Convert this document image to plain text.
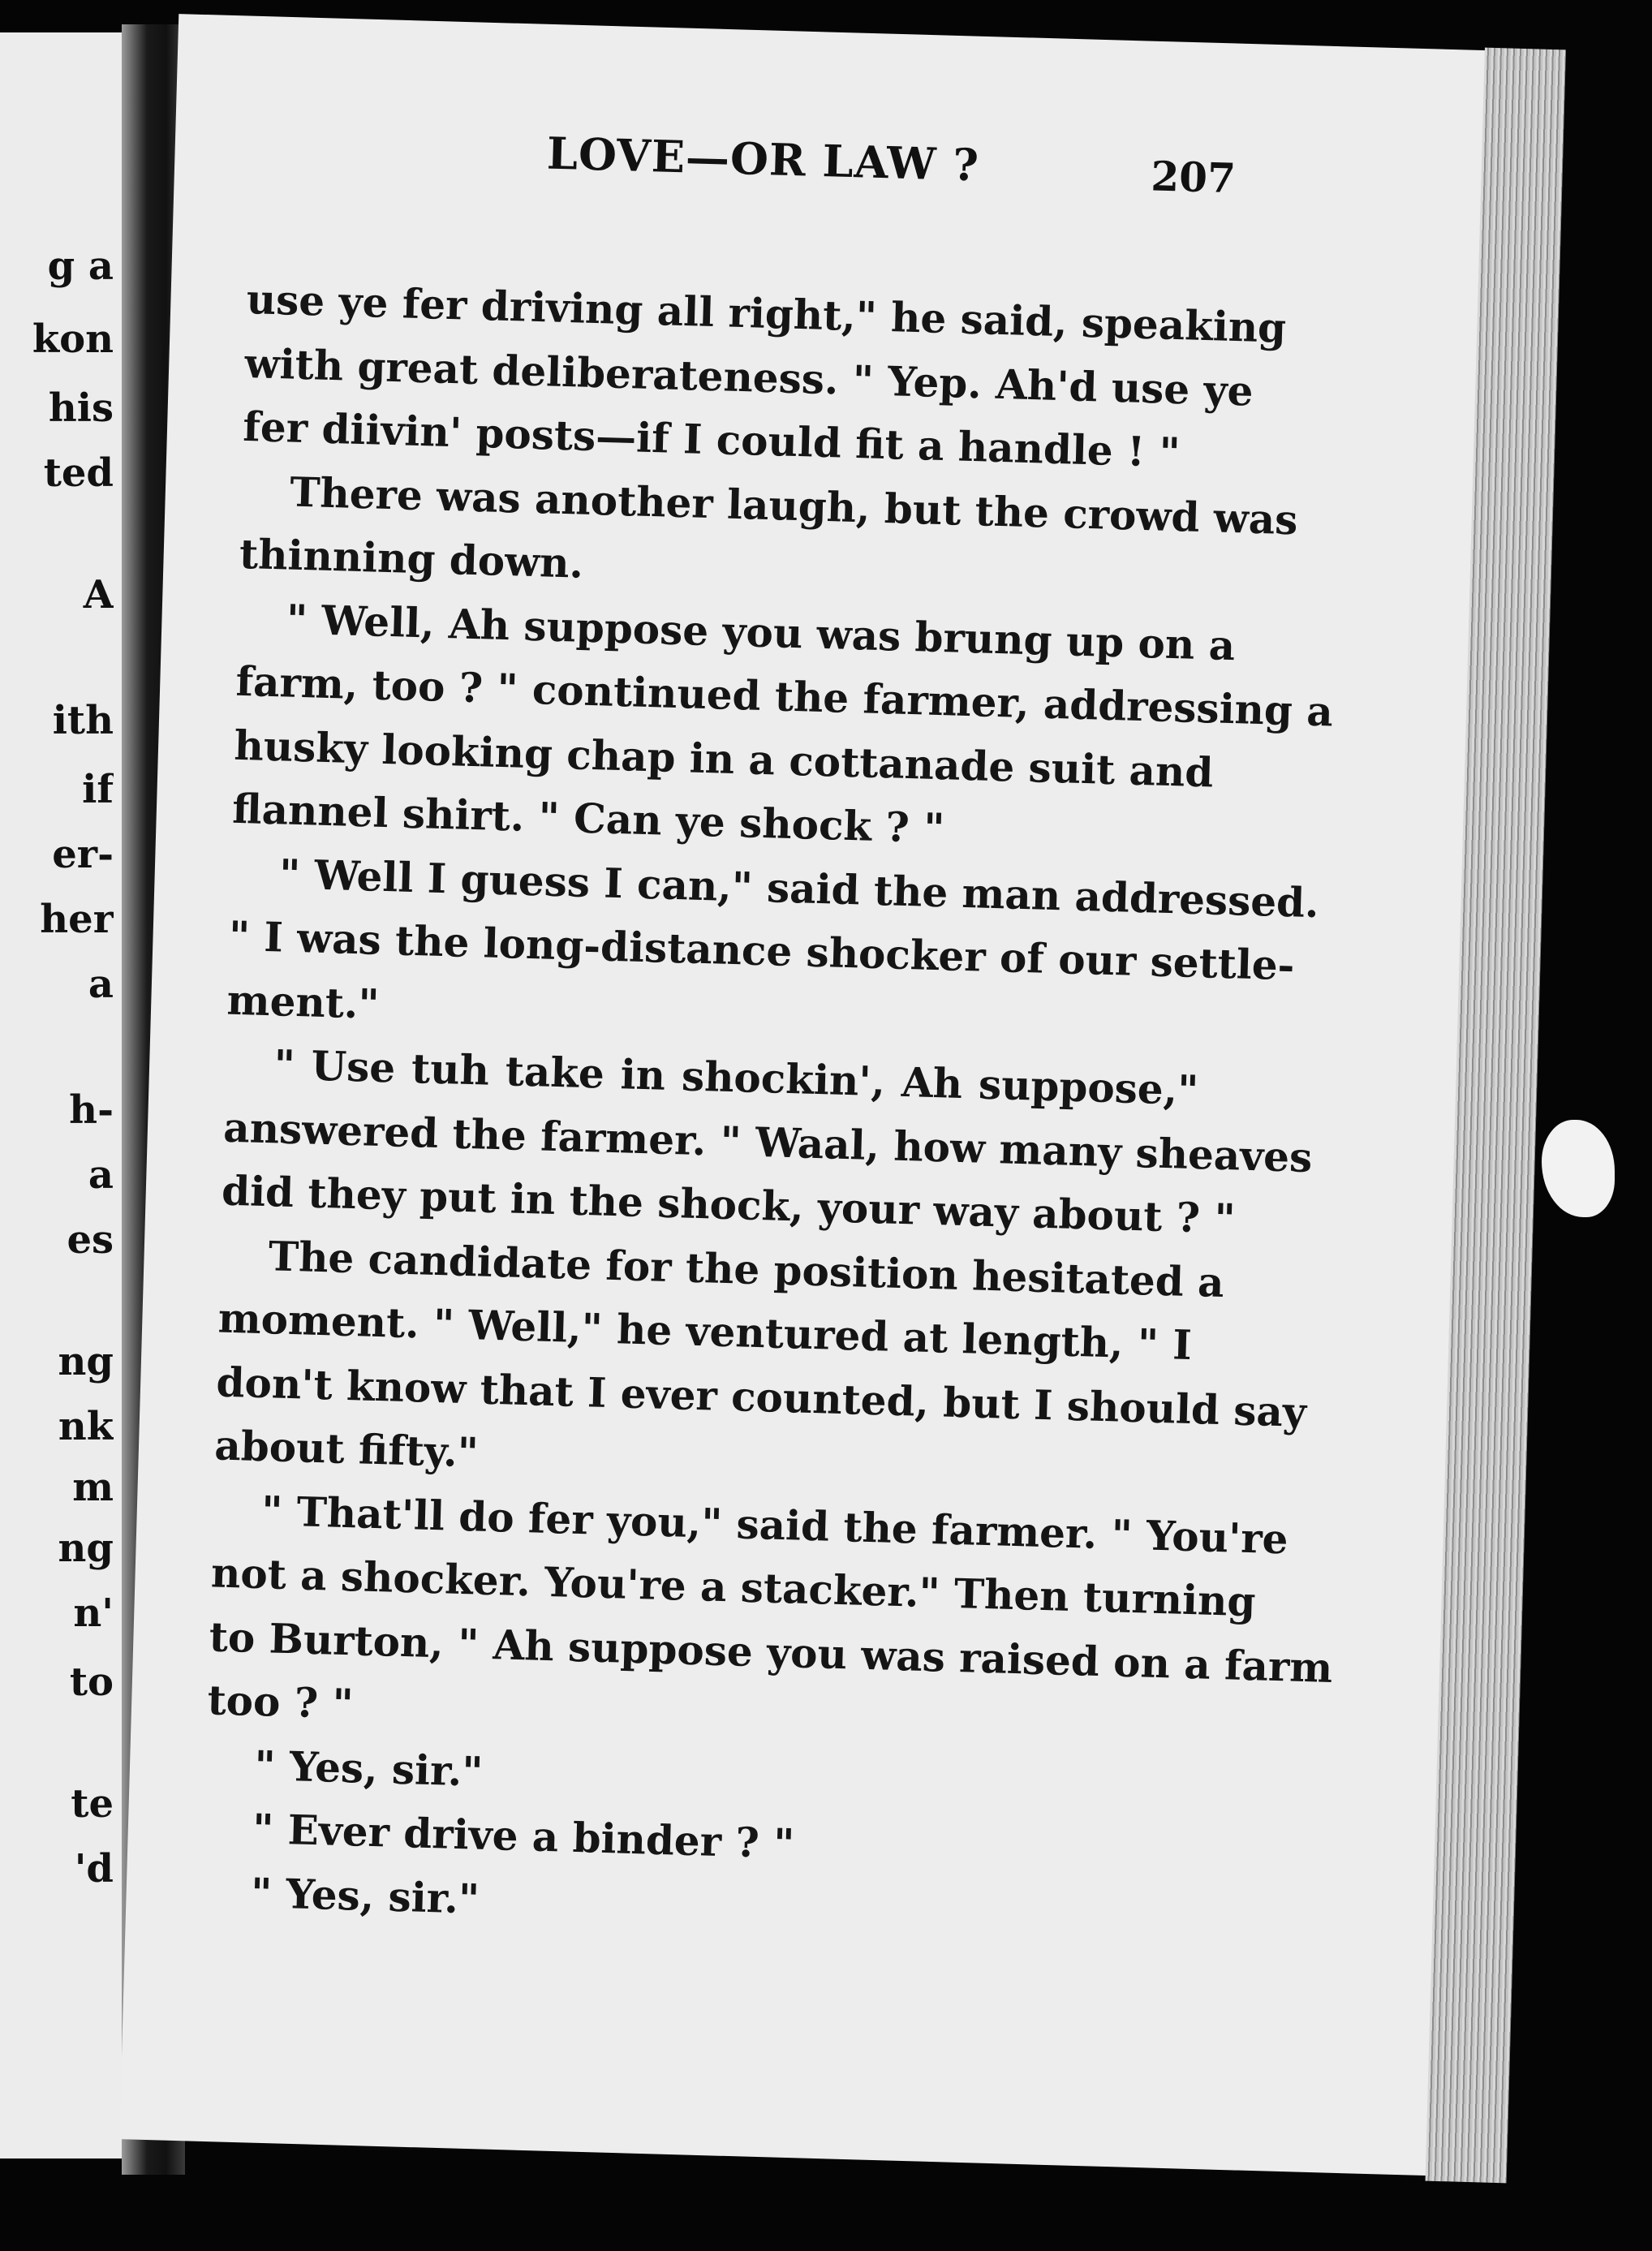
g a
kon
his
ted
A
ith
if
er-
her
a
h-
a
es
ng
nk
m
ng
n'
to
te
'd
LOVE—OR LAW ?	207
use ye fer driving all right," he said, speaking
with great deliberateness. " Yep. Ah'd use ye
fer diivin' posts—if I could fit a handle ! "
There was another laugh, but the crowd was
thinning down.
" Well, Ah suppose you was brung up on a
farm, too ? " continued the farmer, addressing a
husky looking chap in a cottanade suit and
flannel shirt. " Can ye shock ? "
" Well I guess I can," said the man addressed.
" I was the long-distance shocker of our settle-
ment."
" Use tuh take in shockin', Ah suppose,"
answered the farmer. " Waal, how many sheaves
did they put in the shock, your way about ? "
The candidate for the position hesitated a
moment. " Well," he ventured at length, " I
don't know that I ever counted, but I should say
about fifty."
" That'll do fer you," said the farmer. " You're
not a shocker. You're a stacker." Then turning
to Burton, " Ah suppose you was raised on a farm
too ? "
" Yes, sir."
" Ever drive a binder ? "
" Yes, sir."
